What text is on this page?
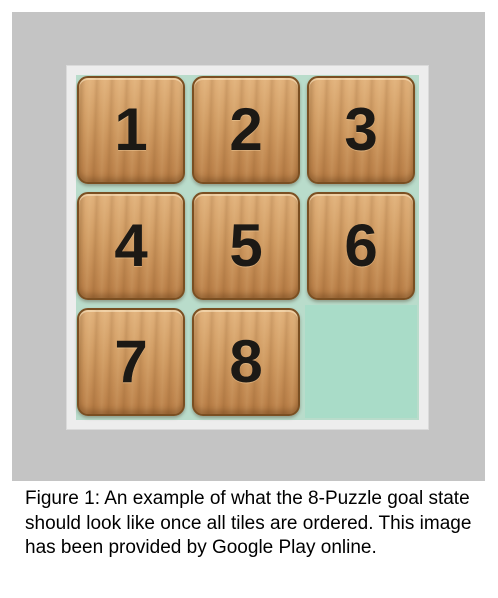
1 2 3
4 5 6
7 8

Figure 1: An example of what the 8-Puzzle goal state should look like once all tiles are ordered. This image has been provided by Google Play online.
